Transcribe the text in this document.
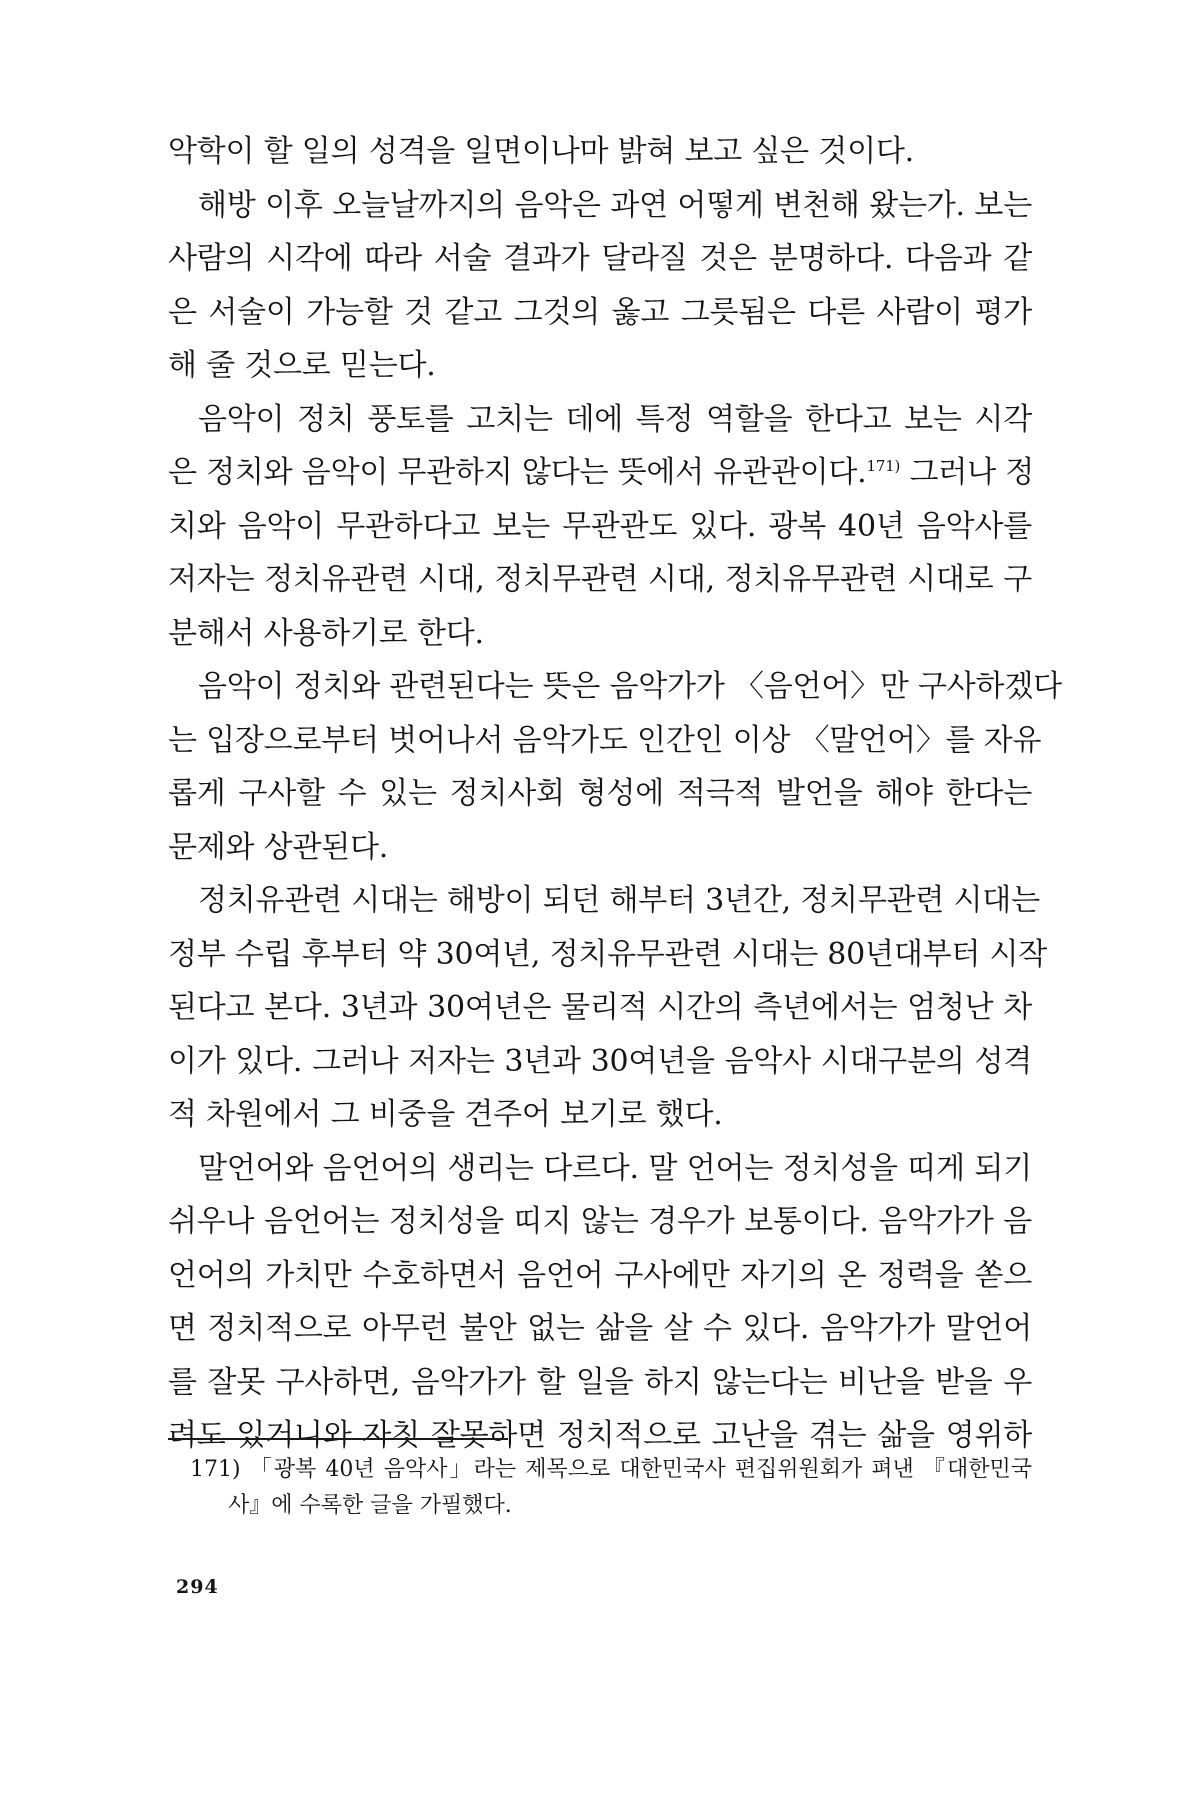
악학이 할 일의 성격을 일면이나마 밝혀 보고 싶은 것이다.
해방 이후 오늘날까지의 음악은 과연 어떻게 변천해 왔는가. 보는
사람의 시각에 따라 서술 결과가 달라질 것은 분명하다. 다음과 같
은 서술이 가능할 것 같고 그것의 옳고 그릇됨은 다른 사람이 평가
해 줄 것으로 믿는다.
음악이 정치 풍토를 고치는 데에 특정 역할을 한다고 보는 시각
은 정치와 음악이 무관하지 않다는 뜻에서 유관관이다.$^{171)}$ 그러나 정
치와 음악이 무관하다고 보는 무관관도 있다. 광복 40년 음악사를
저자는 정치유관련 시대, 정치무관련 시대, 정치유무관련 시대로 구
분해서 사용하기로 한다.
음악이 정치와 관련된다는 뜻은 음악가가 〈음언어〉만 구사하겠다
는 입장으로부터 벗어나서 음악가도 인간인 이상 〈말언어〉를 자유
롭게 구사할 수 있는 정치사회 형성에 적극적 발언을 해야 한다는
문제와 상관된다.
정치유관련 시대는 해방이 되던 해부터 3년간, 정치무관련 시대는
정부 수립 후부터 약 30여년, 정치유무관련 시대는 80년대부터 시작
된다고 본다. 3년과 30여년은 물리적 시간의 측년에서는 엄청난 차
이가 있다. 그러나 저자는 3년과 30여년을 음악사 시대구분의 성격
적 차원에서 그 비중을 견주어 보기로 했다.
말언어와 음언어의 생리는 다르다. 말 언어는 정치성을 띠게 되기
쉬우나 음언어는 정치성을 띠지 않는 경우가 보통이다. 음악가가 음
언어의 가치만 수호하면서 음언어 구사에만 자기의 온 정력을 쏟으
면 정치적으로 아무런 불안 없는 삶을 살 수 있다. 음악가가 말언어
를 잘못 구사하면, 음악가가 할 일을 하지 않는다는 비난을 받을 우
려도 있거니와 자칫 잘못하면 정치적으로 고난을 겪는 삶을 영위하
171) 「광복 40년 음악사」라는 제목으로 대한민국사 편집위원회가 펴낸 『대한민국
사』에 수록한 글을 가필했다.
294
